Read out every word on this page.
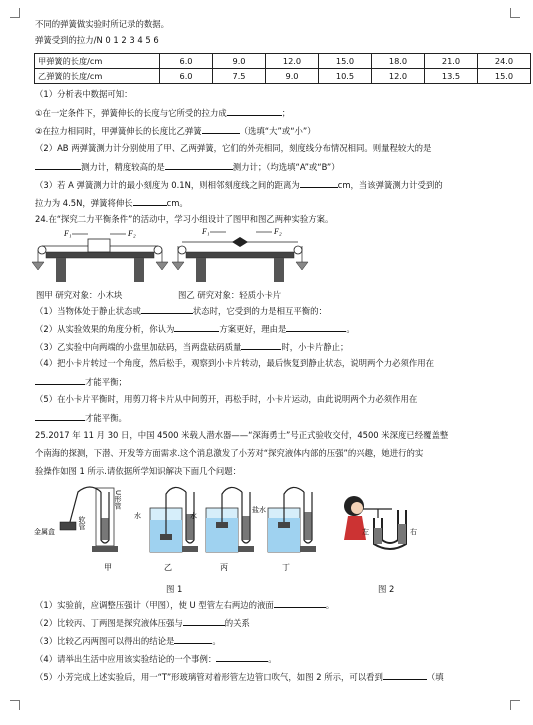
不同的弹簧做实验时所记录的数据。
弹簧受到的拉力/N 0 1 2 3 4 5 6
甲弹簧的长度/cm	6.0	9.0	12.0	15.0	18.0	21.0	24.0
乙弹簧的长度/cm	6.0	7.5	9.0	10.5	12.0	13.5	15.0
（1）分析表中数据可知：
①在一定条件下，弹簧伸长的长度与它所受的拉力成	；
②在拉力相同时，甲弹簧伸长的长度比乙弹簧	（选填“大”或“小”）
（2）AB 两弹簧测力计分别使用了甲、乙两弹簧，它们的外壳相同，刻度线分布情况相同。则量程较大的是
测力计，精度较高的是	测力计；（均选填“A”或“B”）
（3）若 A 弹簧测力计的最小刻度为 0.1N，则相邻刻度线之间的距离为	cm，当该弹簧测力计受到的
拉力为 4.5N，弹簧将伸长	cm。
24.在“探究二力平衡条件”的活动中，学习小组设计了图甲和图乙两种实验方案。
F₁	F₂	F₁	F₂
图甲 研究对象：小木块	图乙 研究对象：轻质小卡片
（1）当物体处于静止状态或	状态时，它受到的力是相互平衡的：
（2）从实验效果的角度分析，你认为	方案更好，理由是	。
（3）乙实验中向两端的小盘里加砝码，当两盘砝码质量	时，小卡片静止；
（4）把小卡片转过一个角度，然后松手，观察到小卡片转动，最后恢复到静止状态，说明两个力必须作用在
才能平衡；
（5）在小卡片平衡时，用剪刀将卡片从中间剪开，再松手时，小卡片运动，由此说明两个力必须作用在
才能平衡。
25.2017 年 11 月 30 日，中国 4500 米载人潜水器——“深海勇士”号正式验收交付，4500 米深度已经覆盖整
个南海的探测，下潜、开发等方面需求.这个消息激发了小芳对“探究液体内部的压强”的兴趣，她进行的实
验操作如图 1 所示.请依据所学知识解决下面几个问题：
金属盒
软管
U形管
水	水
盐水
甲	乙	丙	丁
左	右
图 1	图 2
（1）实验前，应调整压强计（甲图），使 U 型管左右两边的液面	。
（2）比较丙、丁两图是探究液体压强与	的关系
（3）比较乙丙两图可以得出的结论是	。
（4）请举出生活中应用该实验结论的一个事例：	。
（5）小芳完成上述实验后，用一“T”形玻璃管对着形管左边管口吹气，如图 2 所示，可以看到	（填
